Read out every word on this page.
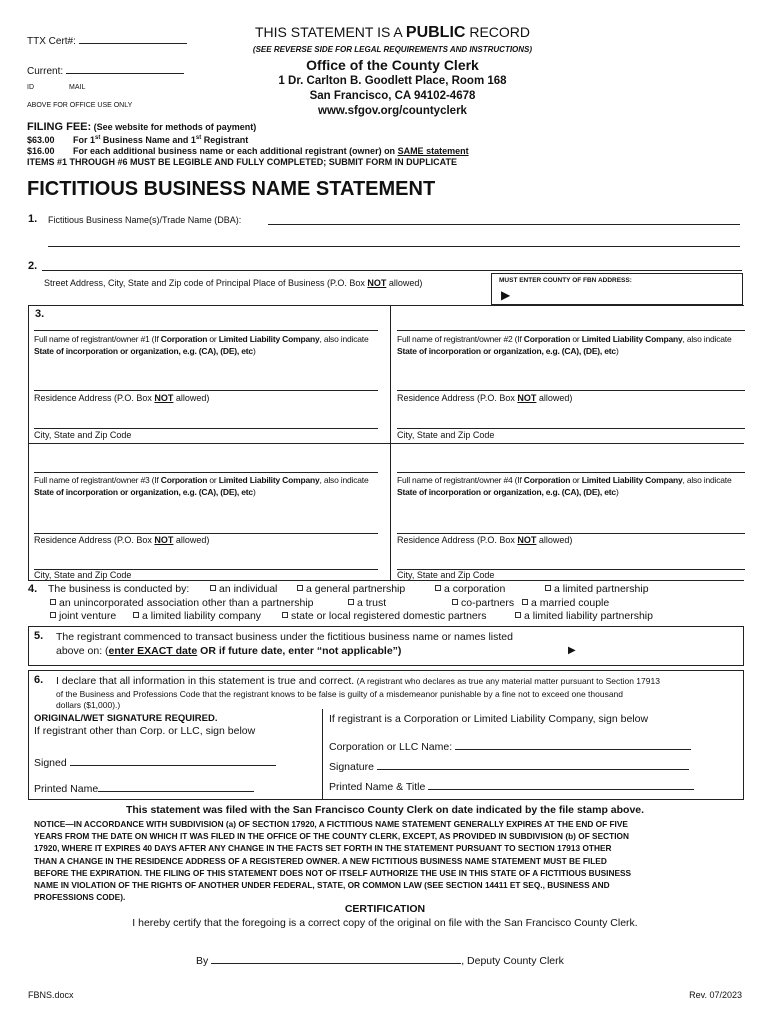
TTX Cert#:
Current:
ID	MAIL
ABOVE FOR OFFICE USE ONLY
THIS STATEMENT IS A PUBLIC RECORD
(SEE REVERSE SIDE FOR LEGAL REQUIREMENTS AND INSTRUCTIONS)
Office of the County Clerk
1 Dr. Carlton B. Goodlett Place, Room 168
San Francisco, CA 94102-4678
www.sfgov.org/countyclerk
FILING FEE: (See website for methods of payment)
$63.00 For 1st Business Name and 1st Registrant
$16.00 For each additional business name or each additional registrant (owner) on SAME statement
ITEMS #1 THROUGH #6 MUST BE LEGIBLE AND FULLY COMPLETED; SUBMIT FORM IN DUPLICATE
FICTITIOUS BUSINESS NAME STATEMENT
1. Fictitious Business Name(s)/Trade Name (DBA):
2.
Street Address, City, State and Zip code of Principal Place of Business (P.O. Box NOT allowed)	MUST ENTER COUNTY OF FBN ADDRESS:
▶
3.
Full name of registrant/owner #1 (If Corporation or Limited Liability Company, also indicate State of incorporation or organization, e.g. (CA), (DE), etc)
Residence Address (P.O. Box NOT allowed)
City, State and Zip Code
Full name of registrant/owner #2 (If Corporation or Limited Liability Company, also indicate State of incorporation or organization, e.g. (CA), (DE), etc)
Residence Address (P.O. Box NOT allowed)
City, State and Zip Code
Full name of registrant/owner #3 (If Corporation or Limited Liability Company, also indicate State of incorporation or organization, e.g. (CA), (DE), etc)
Residence Address (P.O. Box NOT allowed)
City, State and Zip Code
Full name of registrant/owner #4 (If Corporation or Limited Liability Company, also indicate State of incorporation or organization, e.g. (CA), (DE), etc)
Residence Address (P.O. Box NOT allowed)
City, State and Zip Code
4. The business is conducted by:	an individual	a general partnership	a corporation	a limited partnership
an unincorporated association other than a partnership	a trust	co-partners	a married couple
joint venture	a limited liability company	state or local registered domestic partners	a limited liability partnership
5. The registrant commenced to transact business under the fictitious business name or names listed
above on: (enter EXACT date OR if future date, enter “not applicable”)	▶
6. I declare that all information in this statement is true and correct. (A registrant who declares as true any material matter pursuant to Section 17913
of the Business and Professions Code that the registrant knows to be false is guilty of a misdemeanor punishable by a fine not to exceed one thousand
dollars ($1,000).)
ORIGINAL/WET SIGNATURE REQUIRED.
If registrant other than Corp. or LLC, sign below
If registrant is a Corporation or Limited Liability Company, sign below
Corporation or LLC Name:
Signed	Signature
Printed Name	Printed Name & Title
This statement was filed with the San Francisco County Clerk on date indicated by the file stamp above.
NOTICE—IN ACCORDANCE WITH SUBDIVISION (a) OF SECTION 17920, A FICTITIOUS NAME STATEMENT GENERALLY EXPIRES AT THE END OF FIVE
YEARS FROM THE DATE ON WHICH IT WAS FILED IN THE OFFICE OF THE COUNTY CLERK, EXCEPT, AS PROVIDED IN SUBDIVISION (b) OF SECTION
17920, WHERE IT EXPIRES 40 DAYS AFTER ANY CHANGE IN THE FACTS SET FORTH IN THE STATEMENT PURSUANT TO SECTION 17913 OTHER
THAN A CHANGE IN THE RESIDENCE ADDRESS OF A REGISTERED OWNER. A NEW FICTITIOUS BUSINESS NAME STATEMENT MUST BE FILED
BEFORE THE EXPIRATION. THE FILING OF THIS STATEMENT DOES NOT OF ITSELF AUTHORIZE THE USE IN THIS STATE OF A FICTITIOUS BUSINESS
NAME IN VIOLATION OF THE RIGHTS OF ANOTHER UNDER FEDERAL, STATE, OR COMMON LAW (SEE SECTION 14411 ET SEQ., BUSINESS AND
PROFESSIONS CODE).
CERTIFICATION
I hereby certify that the foregoing is a correct copy of the original on file with the San Francisco County Clerk.
By	, Deputy County Clerk
FBNS.docx	Rev. 07/2023
